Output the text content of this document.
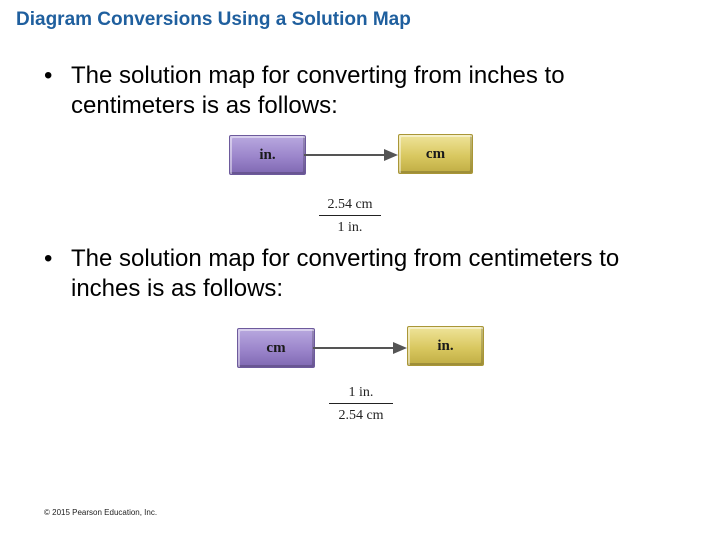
Diagram Conversions Using a Solution Map
• The solution map for converting from inches to centimeters is as follows:
in.	cm
2.54 cm
1 in.
• The solution map for converting from centimeters to inches is as follows:
cm	in.
1 in.
2.54 cm
© 2015 Pearson Education, Inc.
